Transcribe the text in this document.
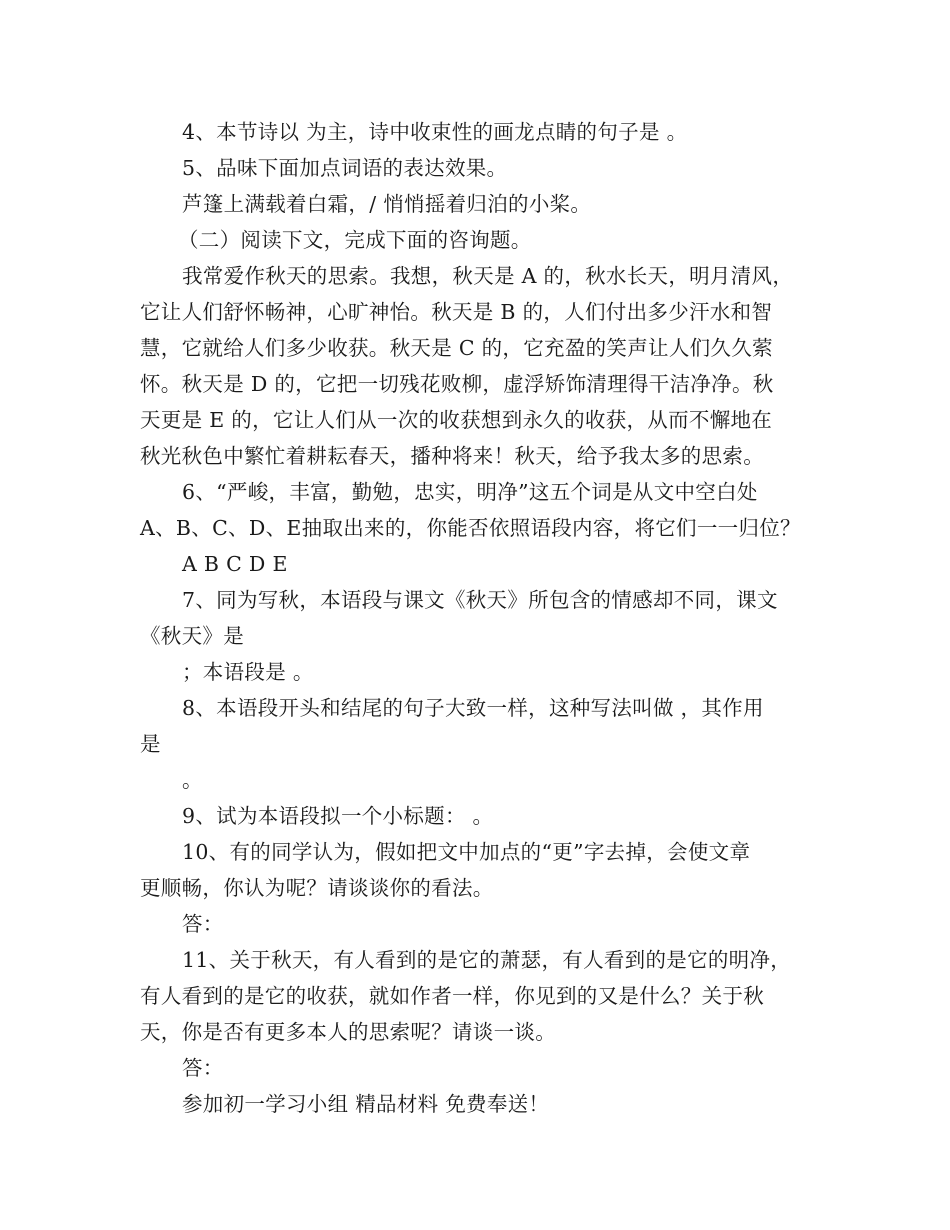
4、本节诗以 为主，诗中收束性的画龙点睛的句子是 。
5、品味下面加点词语的表达效果。
芦篷上满载着白霜，/ 悄悄摇着归泊的小桨。
（二）阅读下文，完成下面的咨询题。
我常爱作秋天的思索。我想，秋天是 A 的，秋水长天，明月清风，
它让人们舒怀畅神，心旷神怡。秋天是 B 的，人们付出多少汗水和智
慧，它就给人们多少收获。秋天是 C 的，它充盈的笑声让人们久久萦
怀。秋天是 D 的，它把一切残花败柳，虚浮矫饰清理得干洁净净。秋
天更是 E 的，它让人们从一次的收获想到永久的收获，从而不懈地在
秋光秋色中繁忙着耕耘春天，播种将来！秋天，给予我太多的思索。
6、“严峻，丰富，勤勉，忠实，明净”这五个词是从文中空白处
A、B、C、D、E抽取出来的，你能否依照语段内容，将它们一一归位？
A B C D E
7、同为写秋，本语段与课文《秋天》所包含的情感却不同，课文
《秋天》是
；本语段是 。
8、本语段开头和结尾的句子大致一样，这种写法叫做 ，其作用
是
。
9、试为本语段拟一个小标题： 。
10、有的同学认为，假如把文中加点的“更”字去掉，会使文章
更顺畅，你认为呢？请谈谈你的看法。
答：
11、关于秋天，有人看到的是它的萧瑟，有人看到的是它的明净，
有人看到的是它的收获，就如作者一样，你见到的又是什么？关于秋
天，你是否有更多本人的思索呢？请谈一谈。
答：
参加初一学习小组 精品材料 免费奉送！
